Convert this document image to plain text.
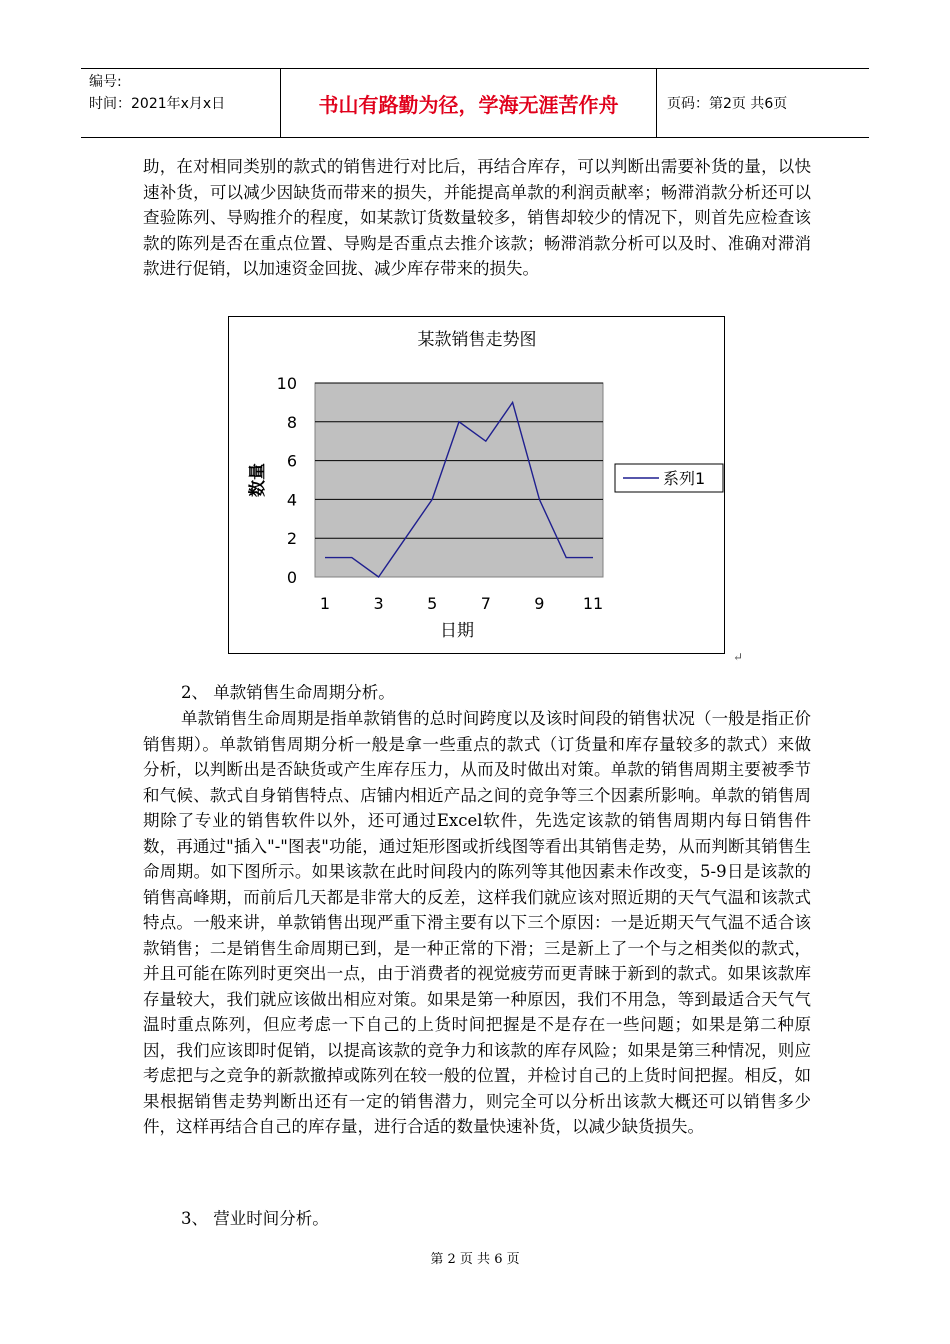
编号:
时间：2021年x月x日	书山有路勤为径，学海无涯苦作舟	页码：第2页 共6页

助，在对相同类别的款式的销售进行对比后，再结合库存，可以判断出需要补货的量，以快速补货，可以减少因缺货而带来的损失，并能提高单款的利润贡献率；畅滞消款分析还可以查验陈列、导购推介的程度，如某款订货数量较多，销售却较少的情况下，则首先应检查该款的陈列是否在重点位置、导购是否重点去推介该款；畅滞消款分析可以及时、准确对滞消款进行促销，以加速资金回拢、减少库存带来的损失。

某款销售走势图
0
2
4
6
8
10
1	3	5	7	9 11
数量
日期
系列1
↵
2、 单款销售生命周期分析。

单款销售生命周期是指单款销售的总时间跨度以及该时间段的销售状况（一般是指正价销售期）。单款销售周期分析一般是拿一些重点的款式（订货量和库存量较多的款式）来做分析，以判断出是否缺货或产生库存压力，从而及时做出对策。单款的销售周期主要被季节和气候、款式自身销售特点、店铺内相近产品之间的竞争等三个因素所影响。单款的销售周期除了专业的销售软件以外，还可通过Excel软件，先选定该款的销售周期内每日销售件数，再通过"插入"-"图表"功能，通过矩形图或折线图等看出其销售走势，从而判断其销售生命周期。如下图所示。如果该款在此时间段内的陈列等其他因素未作改变，5-9日是该款的销售高峰期，而前后几天都是非常大的反差，这样我们就应该对照近期的天气气温和该款式特点。一般来讲，单款销售出现严重下滑主要有以下三个原因：一是近期天气气温不适合该款销售；二是销售生命周期已到，是一种正常的下滑；三是新上了一个与之相类似的款式，并且可能在陈列时更突出一点，由于消费者的视觉疲劳而更青睐于新到的款式。如果该款库存量较大，我们就应该做出相应对策。如果是第一种原因，我们不用急，等到最适合天气气温时重点陈列，但应考虑一下自己的上货时间把握是不是存在一些问题；如果是第二种原因，我们应该即时促销，以提高该款的竞争力和该款的库存风险；如果是第三种情况，则应考虑把与之竞争的新款撤掉或陈列在较一般的位置，并检讨自己的上货时间把握。相反，如果根据销售走势判断出还有一定的销售潜力，则完全可以分析出该款大概还可以销售多少件，这样再结合自己的库存量，进行合适的数量快速补货，以减少缺货损失。

3、 营业时间分析。
第 2 页 共 6 页
